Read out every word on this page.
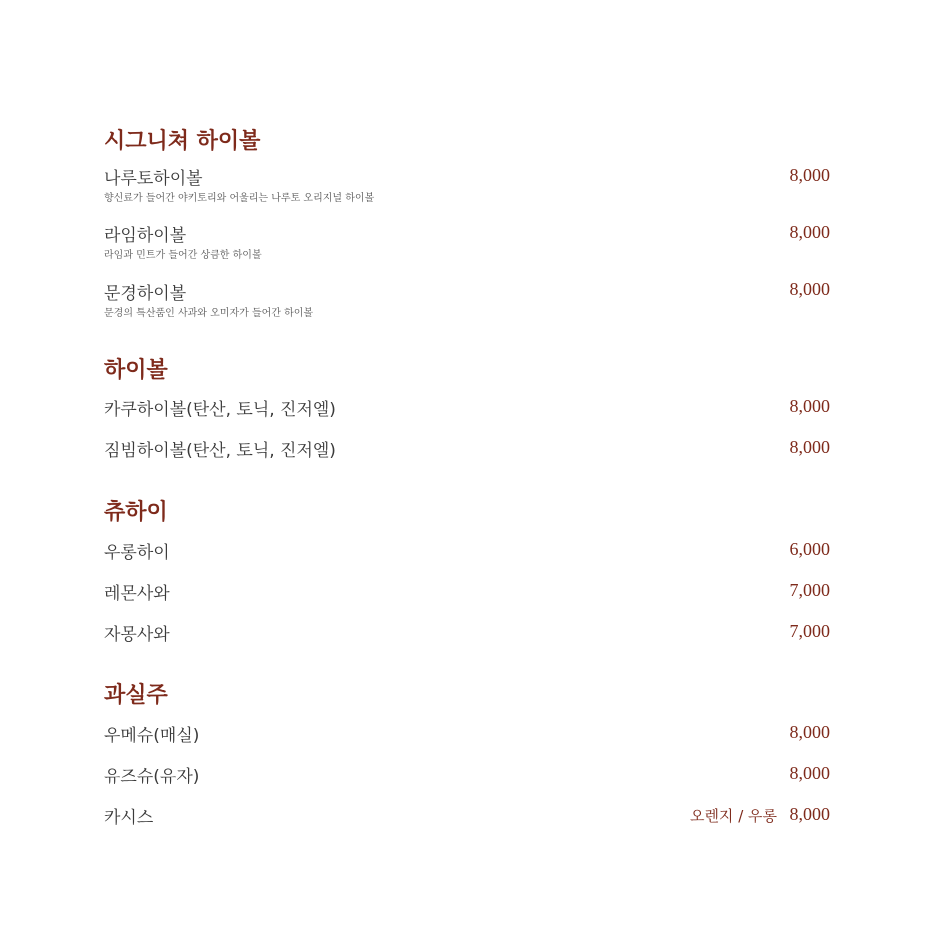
시그니쳐 하이볼
나루토하이볼	8,000
향신료가 들어간 야키토리와 어울리는 나루토 오리지널 하이볼
라임하이볼	8,000
라임과 민트가 들어간 상큼한 하이볼
문경하이볼	8,000
문경의 특산품인 사과와 오미자가 들어간 하이볼
하이볼
카쿠하이볼(탄산, 토닉, 진저엘)	8,000
짐빔하이볼(탄산, 토닉, 진저엘)	8,000
츄하이
우롱하이	6,000
레몬사와	7,000
자몽사와	7,000
과실주
우메슈(매실)	8,000
유즈슈(유자)	8,000
카시스	오렌지 / 우롱 8,000
